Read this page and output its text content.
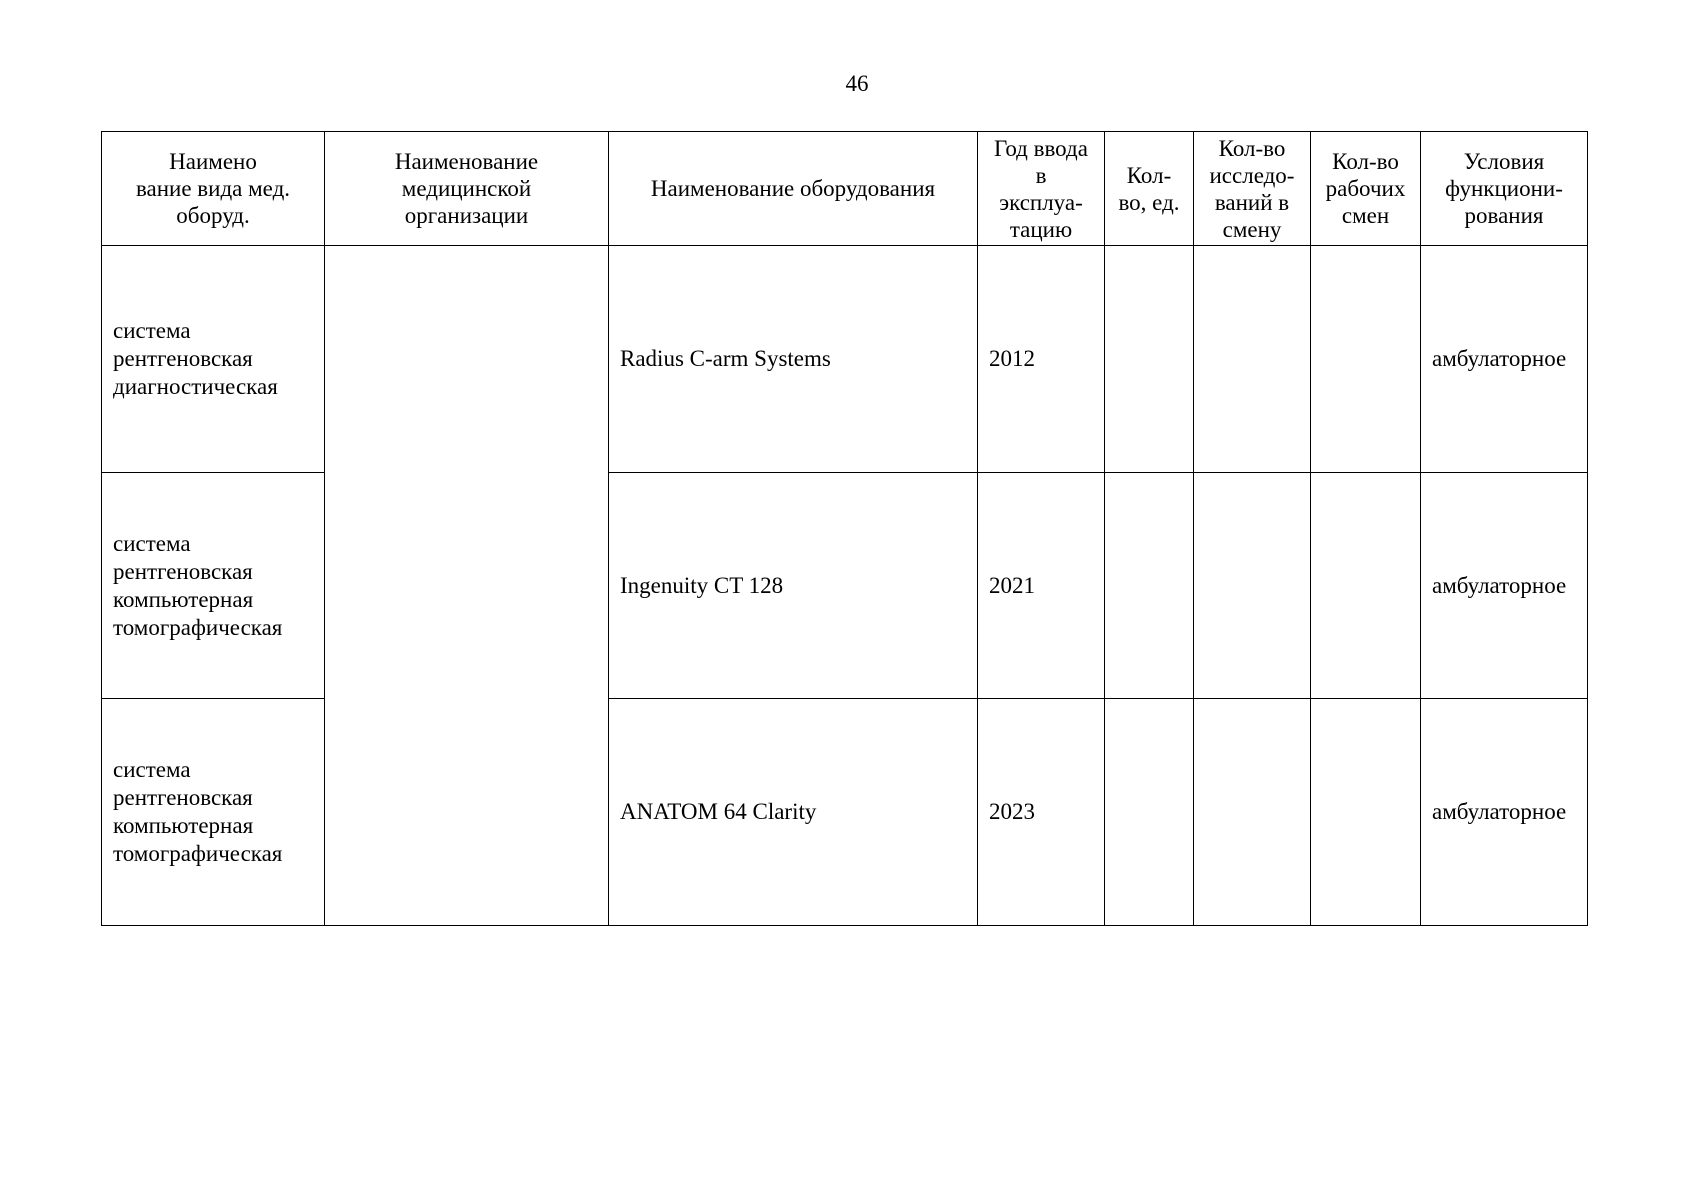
46
Наимено
вание вида мед.
оборуд.	Наименование
медицинской
организации	Наименование оборудования	Год ввода
в
эксплуа-
тацию	Кол-
во, ед.	Кол-во
исследо-
ваний в
смену	Кол-во
рабочих
смен	Условия
функциони-
рования
система
рентгеновская
диагностическая		Radius C-arm Systems	2012				амбулаторное
система
рентгеновская
компьютерная
томографическая		Ingenuity CT 128	2021				амбулаторное
система
рентгеновская
компьютерная
томографическая		ANATOM 64 Clarity	2023				амбулаторное
